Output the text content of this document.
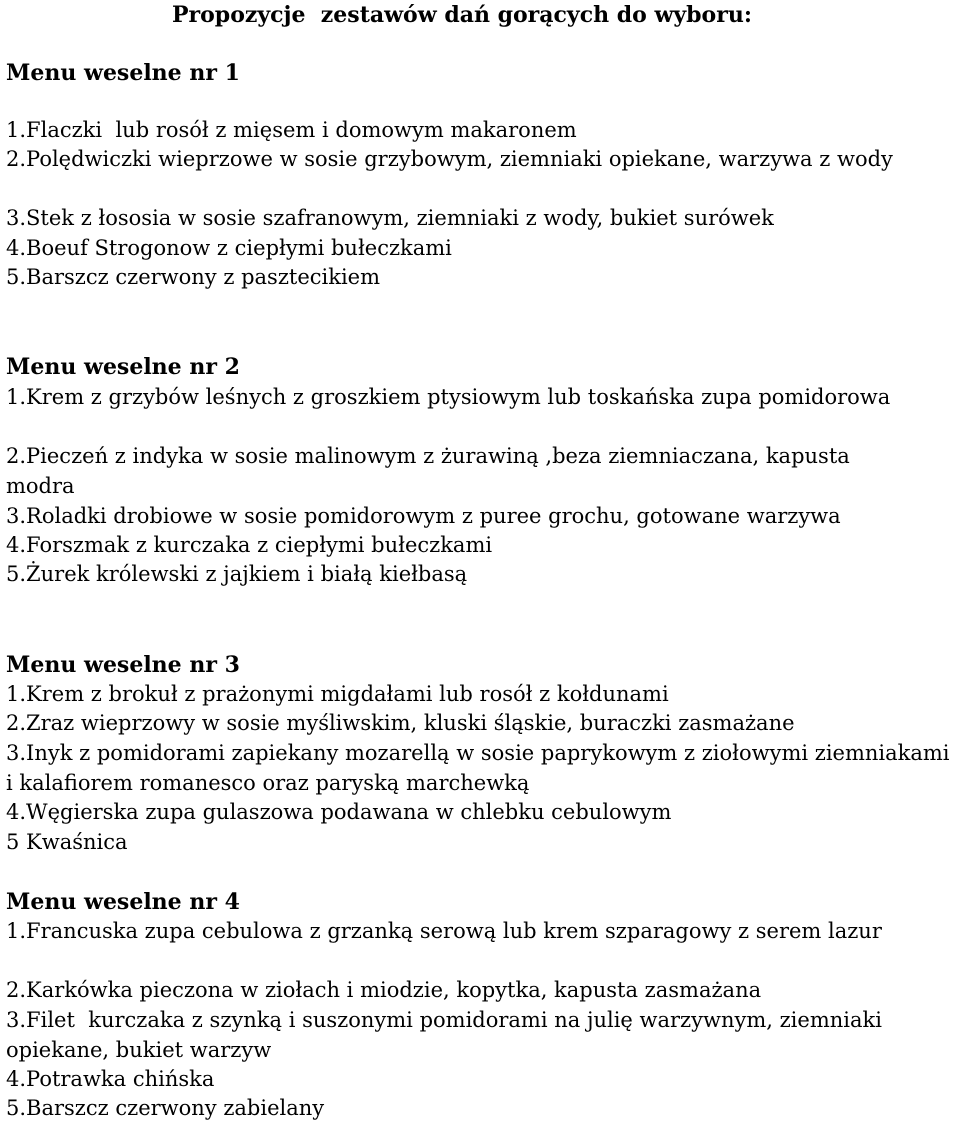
Propozycje  zestawów dań gorących do wyboru:
Menu weselne nr 1

1.Flaczki  lub rosół z mięsem i domowym makaronem

2.Polędwiczki wieprzowe w sosie grzybowym, ziemniaki opiekane, warzywa z wody

3.Stek z łososia w sosie szafranowym, ziemniaki z wody, bukiet surówek

4.Boeuf Strogonow z ciepłymi bułeczkami

5.Barszcz czerwony z pasztecikiem

Menu weselne nr 2

1.Krem z grzybów leśnych z groszkiem ptysiowym lub toskańska zupa pomidorowa

2.Pieczeń z indyka w sosie malinowym z żurawiną ,beza ziemniaczana, kapusta      modra

3.Roladki drobiowe w sosie pomidorowym z puree grochu, gotowane warzywa

4.Forszmak z kurczaka z ciepłymi bułeczkami

5.Żurek królewski z jajkiem i białą kiełbasą

Menu weselne nr 3

1.Krem z brokuł z prażonymi migdałami lub rosół z kołdunami

2.Zraz wieprzowy w sosie myśliwskim, kluski śląskie, buraczki zasmażane

3.Inyk z pomidorami zapiekany mozarellą w sosie paprykowym z ziołowymi ziemniakami i kalafiorem romanesco oraz paryską marchewką

4.Węgierska zupa gulaszowa podawana w chlebku cebulowym

5 Kwaśnica

Menu weselne nr 4

1.Francuska zupa cebulowa z grzanką serową lub krem szparagowy z serem lazur

2.Karkówka pieczona w ziołach i miodzie, kopytka, kapusta zasmażana

3.Filet  kurczaka z szynką i suszonymi pomidorami na julię warzywnym, ziemniaki opiekane, bukiet warzyw

4.Potrawka chińska

5.Barszcz czerwony zabielany
